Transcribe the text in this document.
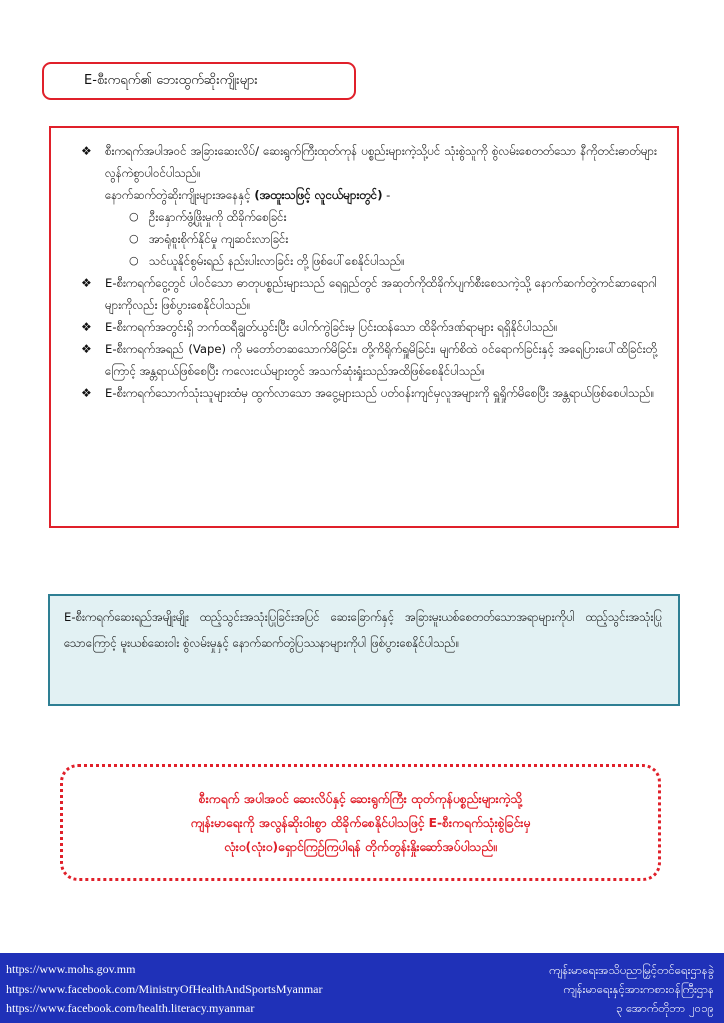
E-စီးကရက်၏ ဘေးထွက်ဆိုးကျိုးများ
❖ စီးကရက်အပါအဝင် အခြားဆေးလိပ်/ ဆေးရွက်ကြီးထုတ်ကုန် ပစ္စည်းများကဲ့သို့ပင် သုံးစွဲသူကို စွဲလမ်းစေတတ်သော နီကိုတင်းဓာတ်များ လွန်ကဲစွာပါဝင်ပါသည်။
နောက်ဆက်တွဲဆိုးကျိုးများအနေနှင့် (အထူးသဖြင့် လူငယ်များတွင်) -
○ ဦးနှောက်ဖွံ့ဖြိုးမှုကို ထိခိုက်စေခြင်း
○ အာရုံစူးစိုက်နိုင်မှု ကျဆင်းလာခြင်း
○ သင်ယူနိုင်စွမ်းရည် နည်းပါးလာခြင်း တို့ ဖြစ်ပေါ်စေနိုင်ပါသည်။
❖ E-စီးကရက်ငွေ့တွင် ပါဝင်သော ဓာတုပစ္စည်းများသည် ရေရှည်တွင် အဆုတ်ကိုထိခိုက်ပျက်စီးစေသကဲ့သို့ နောက်ဆက်တွဲကင်ဆာရောဂါများကိုလည်း ဖြစ်ပွားစေနိုင်ပါသည်။
❖ E-စီးကရက်အတွင်းရှိ ဘက်ထရီချွတ်ယွင်းပြီး ပေါက်ကွဲခြင်းမှ ပြင်းထန်သော ထိခိုက်ဒဏ်ရာများ ရရှိနိုင်ပါသည်။
❖ E-စီးကရက်အရည် (Vape) ကို မတော်တဆသောက်မိခြင်း၊ တို့ကိရိုက်ရှူမိခြင်း၊ မျက်စိထဲ ဝင်ရောက်ခြင်းနှင့် အရေပြားပေါ်ထိခြင်းတို့ကြောင့် အန္တရာယ်ဖြစ်စေပြီး ကလေးငယ်များတွင် အသက်ဆုံးရှုံးသည်အထိဖြစ်စေနိုင်ပါသည်။
❖ E-စီးကရက်သောက်သုံးသူများထံမှ ထွက်လာသော အငွေ့များသည် ပတ်ဝန်းကျင်မှလူအများကို ရှူရှိုက်မိစေပြီး အန္တရာယ်ဖြစ်စေပါသည်။
E-စီးကရက်ဆေးရည်အမျိုးမျိုး ထည့်သွင်းအသုံးပြုခြင်းအပြင် ဆေးခြောက်နှင့် အခြားမူးယစ်စေတတ်သောအရာများကိုပါ ထည့်သွင်းအသုံးပြုသောကြောင့် မူးယစ်ဆေးဝါး စွဲလမ်းမှုနှင့် နောက်ဆက်တွဲပြဿနာများကိုပါ ဖြစ်ပွားစေနိုင်ပါသည်။

စီးကရက် အပါအဝင် ဆေးလိပ်နှင့် ဆေးရွက်ကြီး ထုတ်ကုန်ပစ္စည်းများကဲ့သို့

ကျန်းမာရေးကို အလွန်ဆိုးဝါးစွာ ထိခိုက်စေနိုင်ပါသဖြင့် E-စီးကရက်သုံးစွဲခြင်းမှ

လုံးဝ(လုံးဝ)ရှောင်ကြဉ်ကြပါရန် တိုက်တွန်းနှိုးဆော်အပ်ပါသည်။

https://www.mohs.gov.mm
https://www.facebook.com/MinistryOfHealthAndSportsMyanmar
https://www.facebook.com/health.literacy.myanmar
ကျန်းမာရေးအသိပညာမြှင့်တင်ရေးဌာနခွဲ
ကျန်းမာရေးနှင့်အားကစားဝန်ကြီးဌာန
၃ အောက်တိုဘာ ၂၀၁၉
